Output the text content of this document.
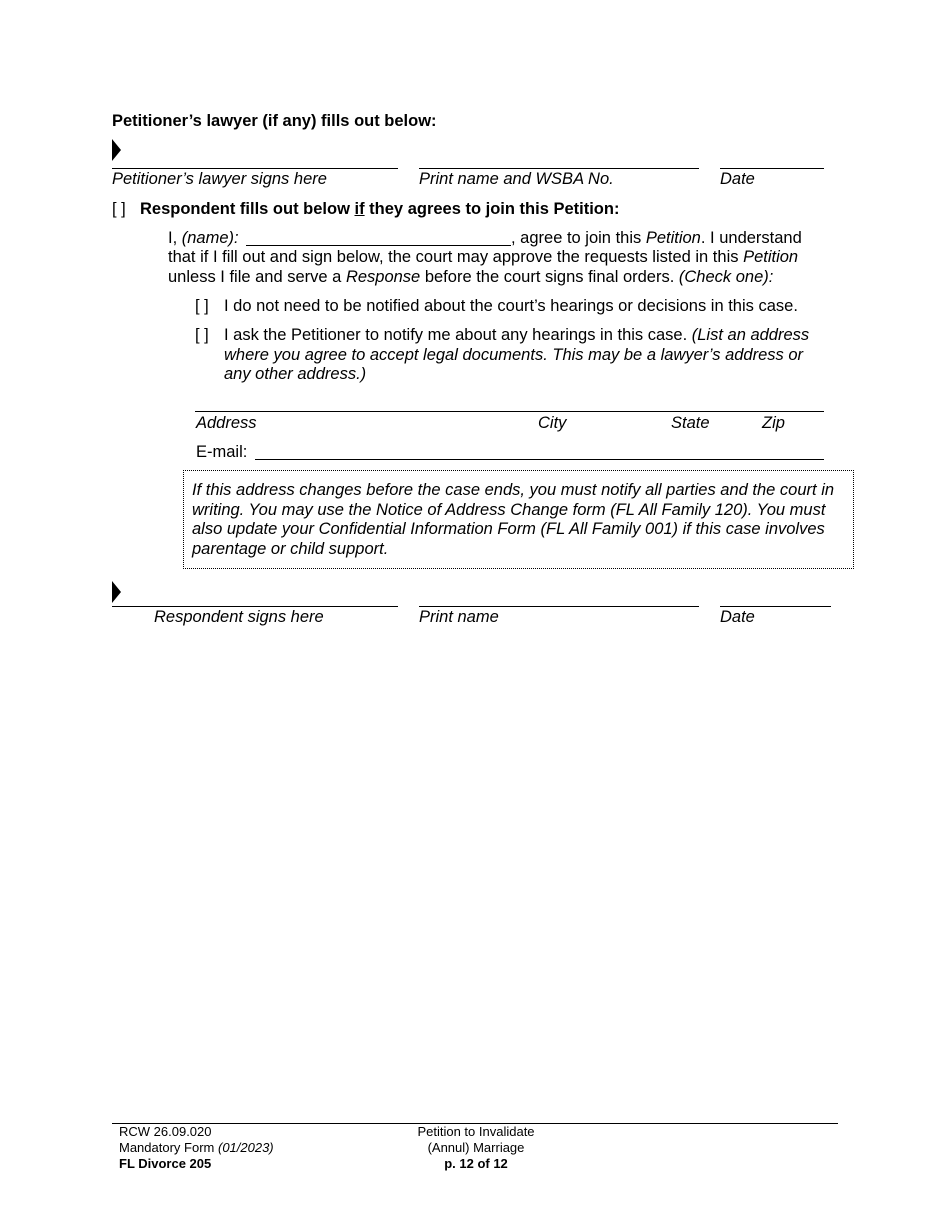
Petitioner’s lawyer (if any) fills out below:
Petitioner’s lawyer signs here	Print name and WSBA No.	Date
[ ] Respondent fills out below if they agrees to join this Petition:
I, (name):	, agree to join this Petition. I understand
that if I fill out and sign below, the court may approve the requests listed in this Petition
unless I file and serve a Response before the court signs final orders. (Check one):
[ ] I do not need to be notified about the court’s hearings or decisions in this case.
[ ] I ask the Petitioner to notify me about any hearings in this case. (List an address
where you agree to accept legal documents. This may be a lawyer’s address or
any other address.)
Address	City	State	Zip
E-mail:
If this address changes before the case ends, you must notify all parties and the court in writing. You may use the Notice of Address Change form (FL All Family 120). You must also update your Confidential Information Form (FL All Family 001) if this case involves parentage or child support.
Respondent signs here	Print name	Date
RCW 26.09.020
Mandatory Form (01/2023)
FL Divorce 205
Petition to Invalidate
(Annul) Marriage
p. 12 of 12
